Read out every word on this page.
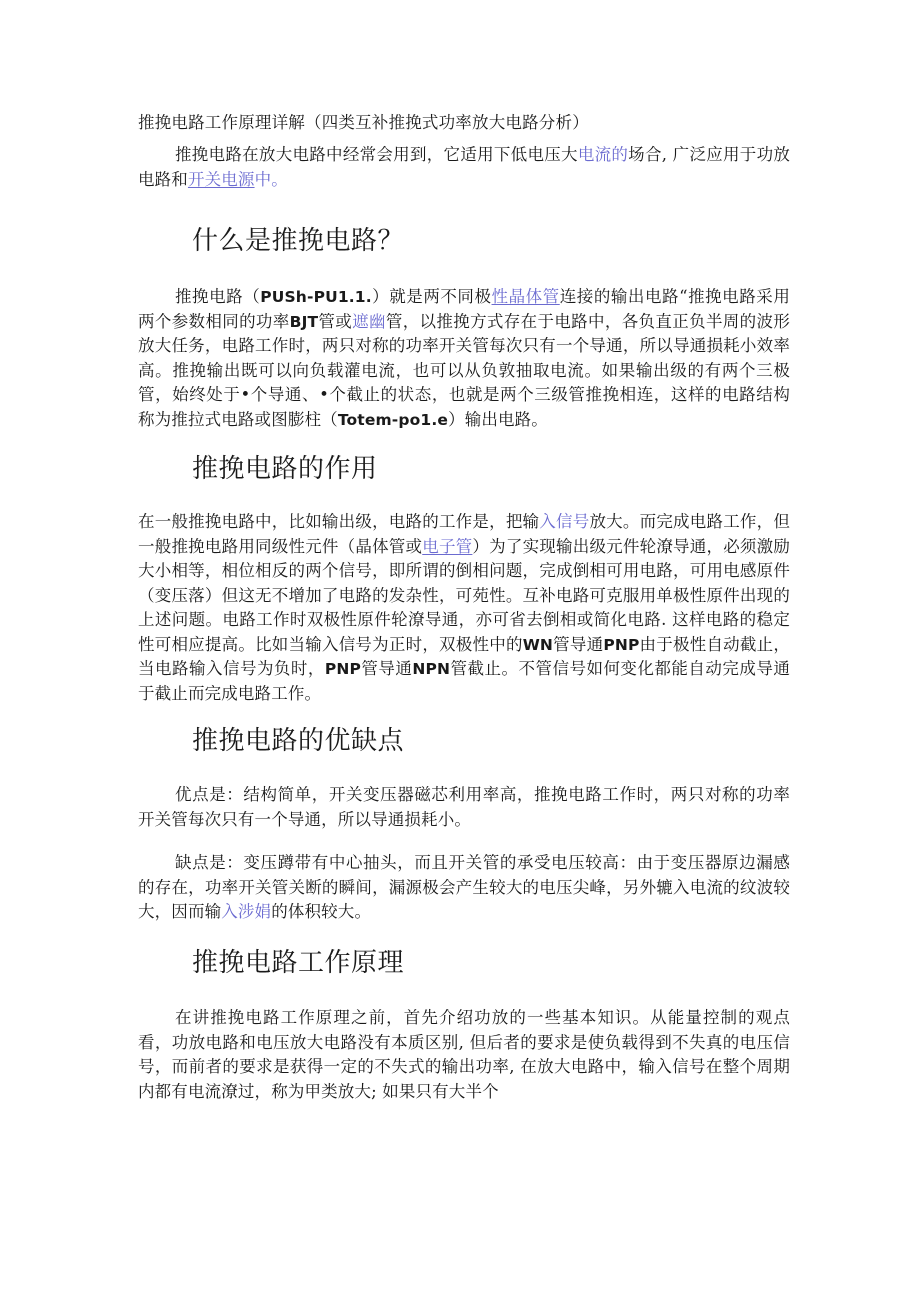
推挽电路工作原理详解（四类互补推挽式功率放大电路分析）

推挽电路在放大电路中经常会用到，它适用下低电压大电流的场合, 广泛应用于功放电路和开关电源中。

什么是推挽电路？

推挽电路（PUSh-PU1.1.）就是两不同极性晶体管连接的输出电路“推挽电路采用两个参数相同的功率BJT管或遮幽管，以推挽方式存在于电路中，各负直正负半周的波形放大任务，电路工作时，两只对称的功率开关管每次只有一个导通，所以导通损耗小效率高。推挽输出既可以向负载灌电流，也可以从负敦抽取电流。如果输出级的有两个三极管，始终处于•个导通、•个截止的状态，也就是两个三级管推挽相连，这样的电路结构称为推拉式电路或图膨柱（Totem-po1.e）输出电路。

推挽电路的作用

在一般推挽电路中，比如输出级，电路的工作是，把输入信号放大。而完成电路工作，但一般推挽电路用同级性元件（晶体管或电子管）为了实现输出级元件轮潦导通，必须激励大小相等，相位相反的两个信号，即所谓的倒相问题，完成倒相可用电路，可用电感原件（变压落）但这无不增加了电路的发杂性，可苑性。互补电路可克服用单极性原件出现的上述问题。电路工作时双极性原件轮潦导通，亦可省去倒相或简化电路. 这样电路的稳定性可相应提高。比如当输入信号为正时，双极性中的WN管导通PNP由于极性自动截止，当电路输入信号为负时，PNP管导通NPN管截止。不管信号如何变化都能自动完成导通于截止而完成电路工作。

推挽电路的优缺点

优点是：结构简单，开关变压器磁芯利用率高，推挽电路工作时，两只对称的功率开关管每次只有一个导通，所以导通损耗小。

缺点是：变压蹲带有中心抽头，而且开关管的承受电压较高：由于变压器原边漏感的存在，功率开关管关断的瞬间，漏源极会产生较大的电压尖峰，另外辘入电流的纹波较大，因而输入涉娟的体积较大。

推挽电路工作原理

在讲推挽电路工作原理之前，首先介绍功放的一些基本知识。从能量控制的观点看，功放电路和电压放大电路没有本质区别, 但后者的要求是使负载得到不失真的电压信号，而前者的要求是获得一定的不失式的输出功率, 在放大电路中，输入信号在整个周期内都有电流潦过，称为甲类放大; 如果只有大半个
